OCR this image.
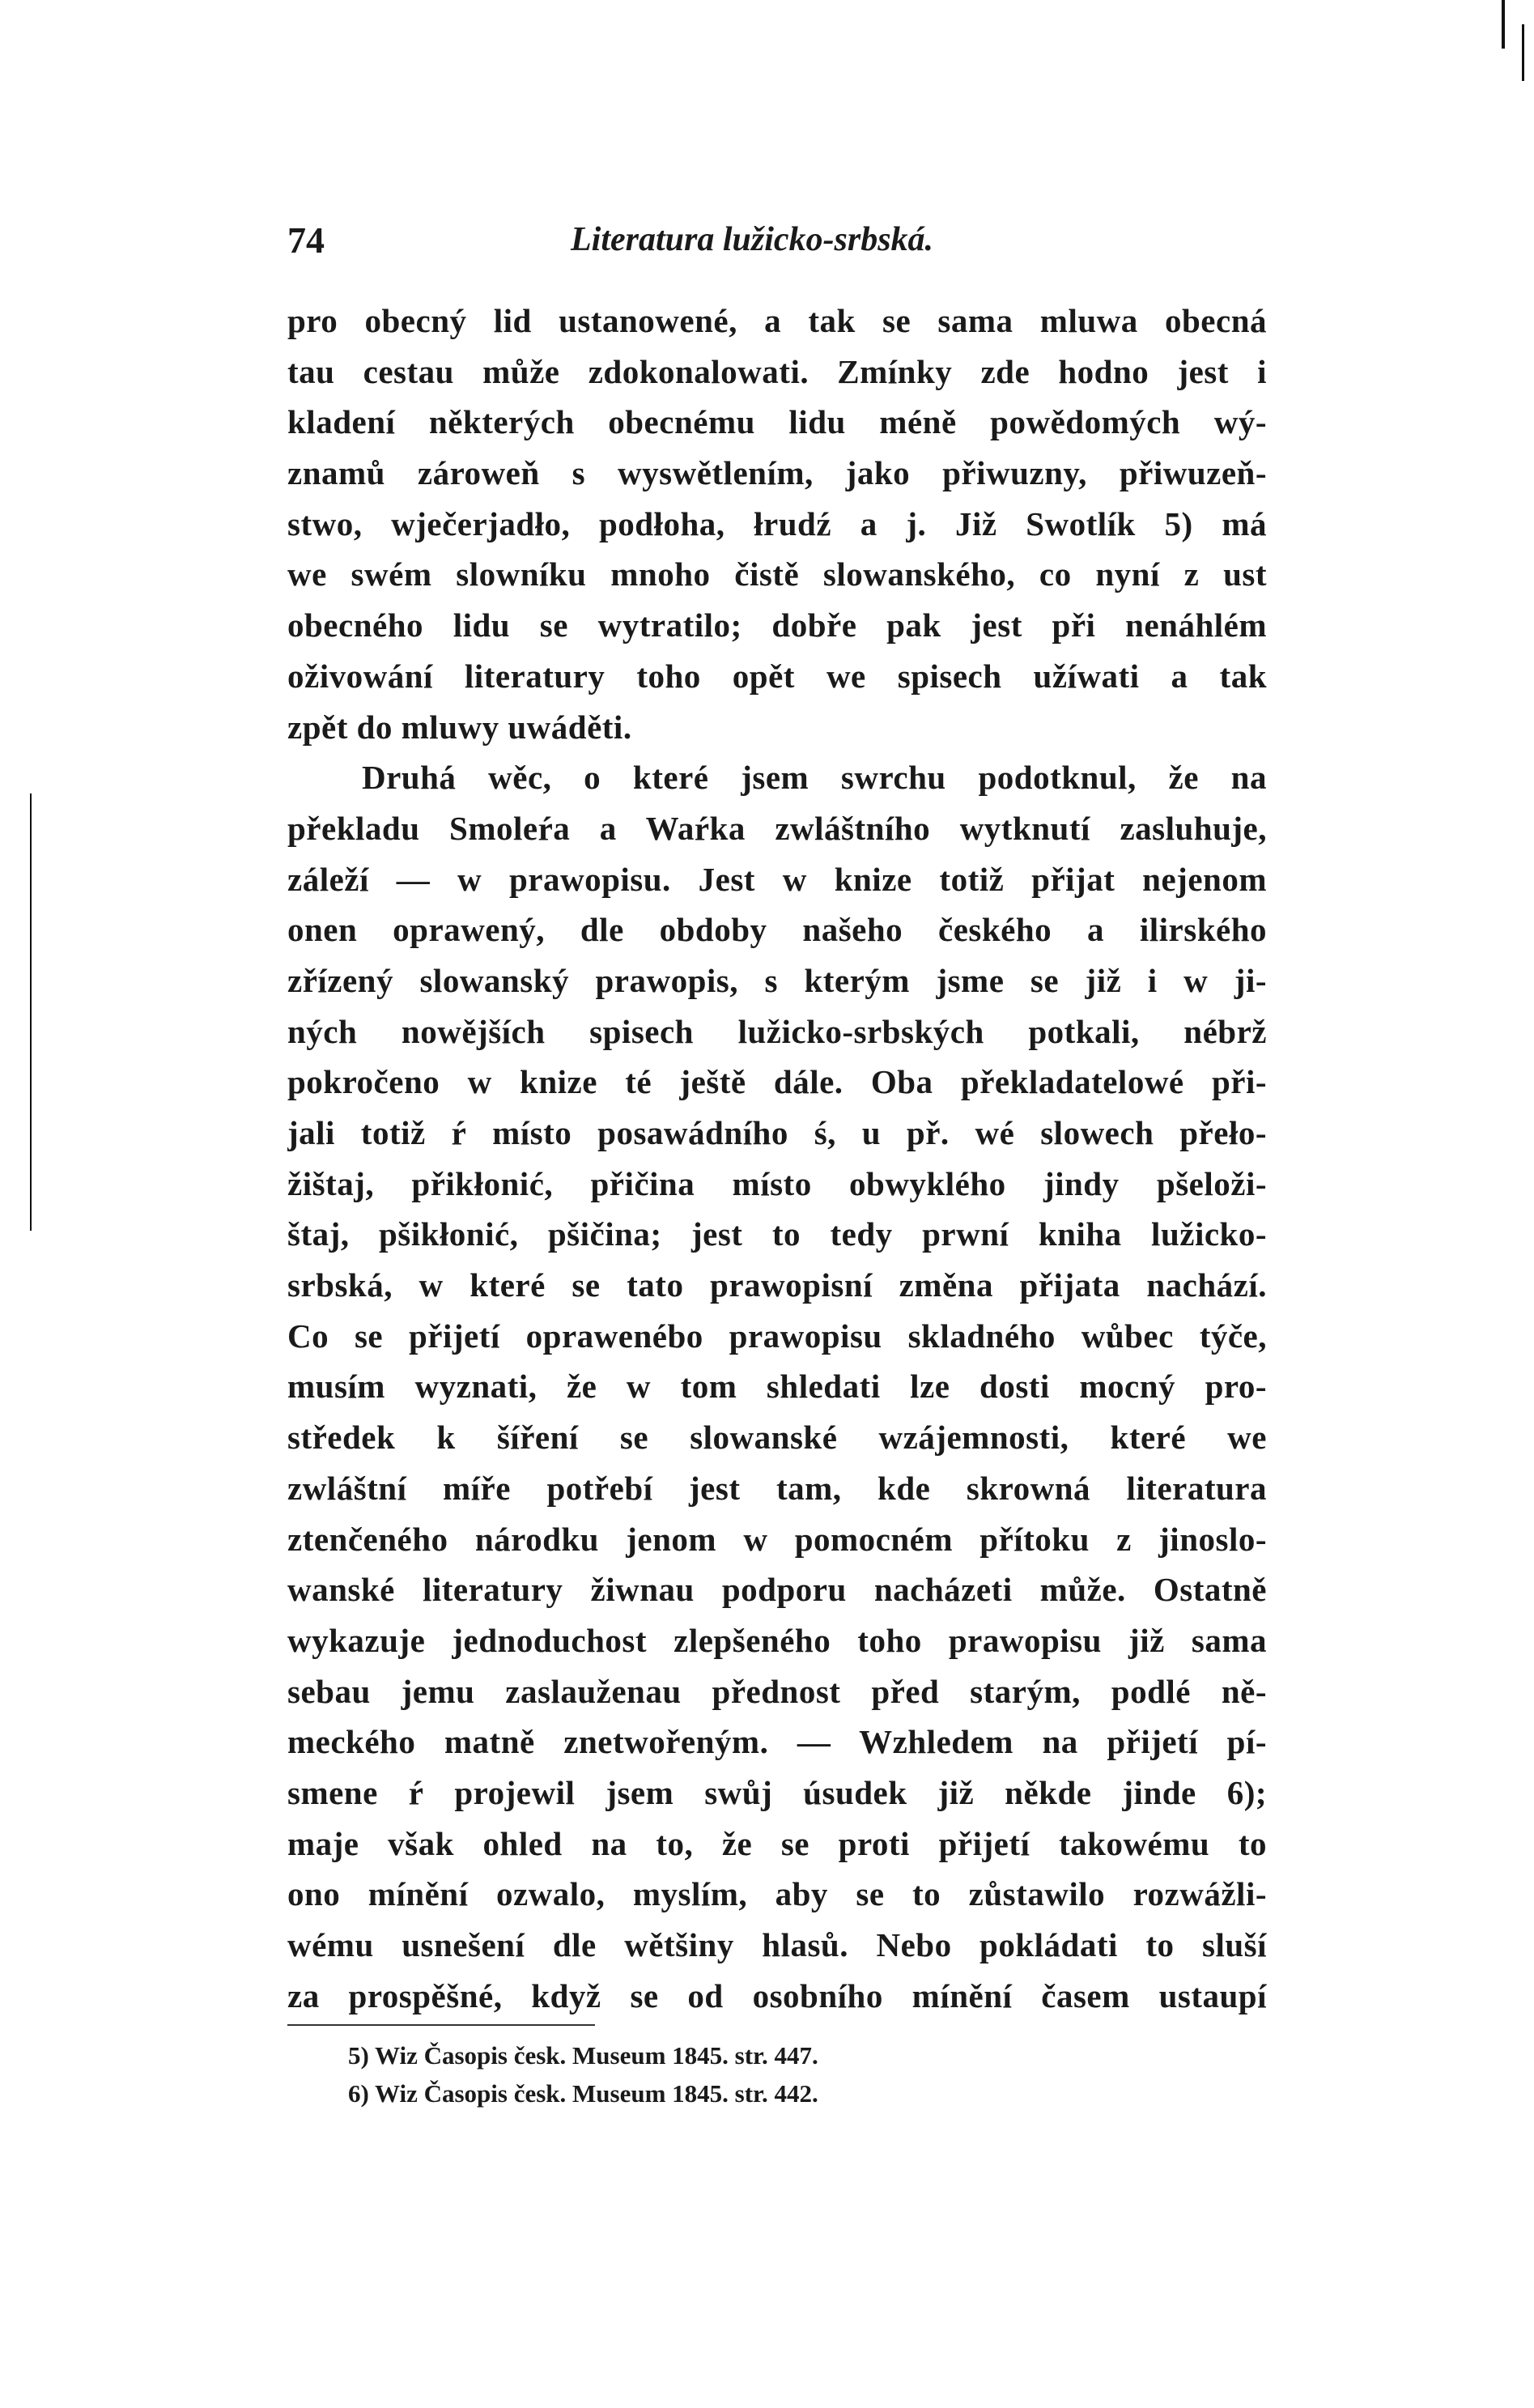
74	Literatura lužicko-srbská.
pro obecný lid ustanowené, a tak se sama mluwa obecná
tau cestau může zdokonalowati. Zmínky zde hodno jest i
kladení některých obecnému lidu méně powědomých wý-
znamů zároweň s wyswětlením, jako přiwuzny, přiwuzeň-
stwo, wječerjadło, podłoha, łrudź a j. Již Swotlík 5) má
we swém slowníku mnoho čistě slowanského, co nyní z ust
obecného lidu se wytratilo; dobře pak jest při nenáhlém
oživowání literatury toho opět we spisech užíwati a tak
zpět do mluwy uwáděti.
Druhá wěc, o které jsem swrchu podotknul, že na
překladu Smoleŕa a Waŕka zwláštního wytknutí zasluhuje,
záleží — w prawopisu. Jest w knize totiž přijat nejenom
onen oprawený, dle obdoby našeho českého a ilirského
zřízený slowanský prawopis, s kterým jsme se již i w ji-
ných nowějších spisech lužicko-srbských potkali, nébrž
pokročeno w knize té ještě dále. Oba překladatelowé při-
jali totiž ŕ místo posawádního ś, u př. wé slowech přeło-
žištaj, přikłonić, přičina místo obwyklého jindy pšeloži-
štaj, pšikłonić, pšičina; jest to tedy prwní kniha lužicko-
srbská, w které se tato prawopisní změna přijata nachází.
Co se přijetí oprawenébo prawopisu skladného wůbec týče,
musím wyznati, že w tom shledati lze dosti mocný pro-
středek k šíření se slowanské wzájemnosti, které we
zwláštní míře potřebí jest tam, kde skrowná literatura
ztenčeného národku jenom w pomocném přítoku z jinoslo-
wanské literatury žiwnau podporu nacházeti může. Ostatně
wykazuje jednoduchost zlepšeného toho prawopisu již sama
sebau jemu zaslauženau přednost před starým, podlé ně-
meckého matně znetwořeným. — Wzhledem na přijetí pí-
smene ŕ projewil jsem swůj úsudek již někde jinde 6);
maje však ohled na to, že se proti přijetí takowému to
ono mínění ozwalo, myslím, aby se to zůstawilo rozwážli-
wému usnešení dle wětšiny hlasů. Nebo pokládati to sluší
za prospěšné, když se od osobního mínění časem ustaupí
5) Wiz Časopis česk. Museum 1845. str. 447.
6) Wiz Časopis česk. Museum 1845. str. 442.
